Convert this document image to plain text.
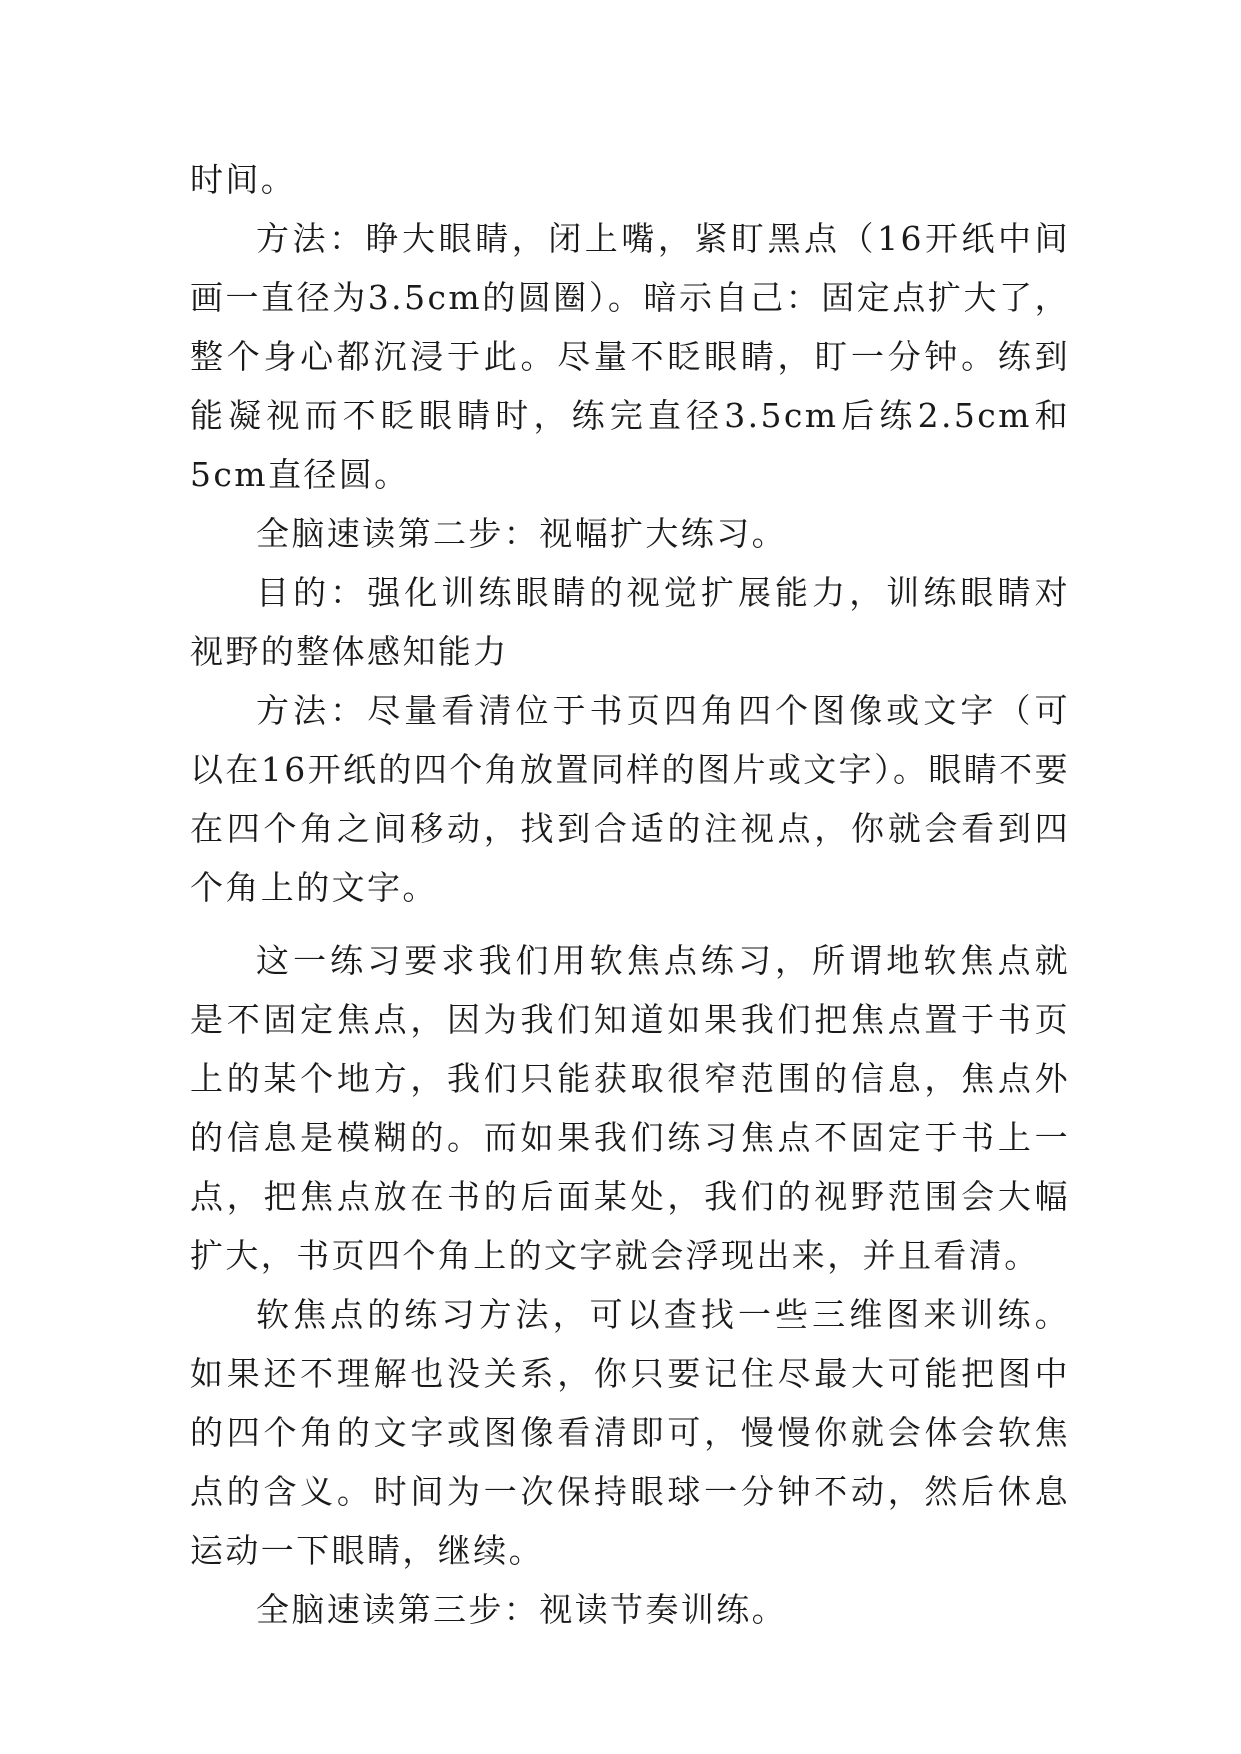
时间。

方法：睁大眼睛，闭上嘴，紧盯黑点（16开纸中间画一直径为3.5cm的圆圈）。暗示自己：固定点扩大了，整个身心都沉浸于此。尽量不眨眼睛，盯一分钟。练到能凝视而不眨眼睛时，练完直径3.5cm后练2.5cm和5cm直径圆。

全脑速读第二步：视幅扩大练习。

目的：强化训练眼睛的视觉扩展能力，训练眼睛对视野的整体感知能力

方法：尽量看清位于书页四角四个图像或文字（可以在16开纸的四个角放置同样的图片或文字）。眼睛不要在四个角之间移动，找到合适的注视点，你就会看到四个角上的文字。

这一练习要求我们用软焦点练习，所谓地软焦点就是不固定焦点，因为我们知道如果我们把焦点置于书页上的某个地方，我们只能获取很窄范围的信息，焦点外的信息是模糊的。而如果我们练习焦点不固定于书上一点，把焦点放在书的后面某处，我们的视野范围会大幅扩大，书页四个角上的文字就会浮现出来，并且看清。

软焦点的练习方法，可以查找一些三维图来训练。如果还不理解也没关系，你只要记住尽最大可能把图中的四个角的文字或图像看清即可，慢慢你就会体会软焦点的含义。时间为一次保持眼球一分钟不动，然后休息运动一下眼睛，继续。

全脑速读第三步：视读节奏训练。
